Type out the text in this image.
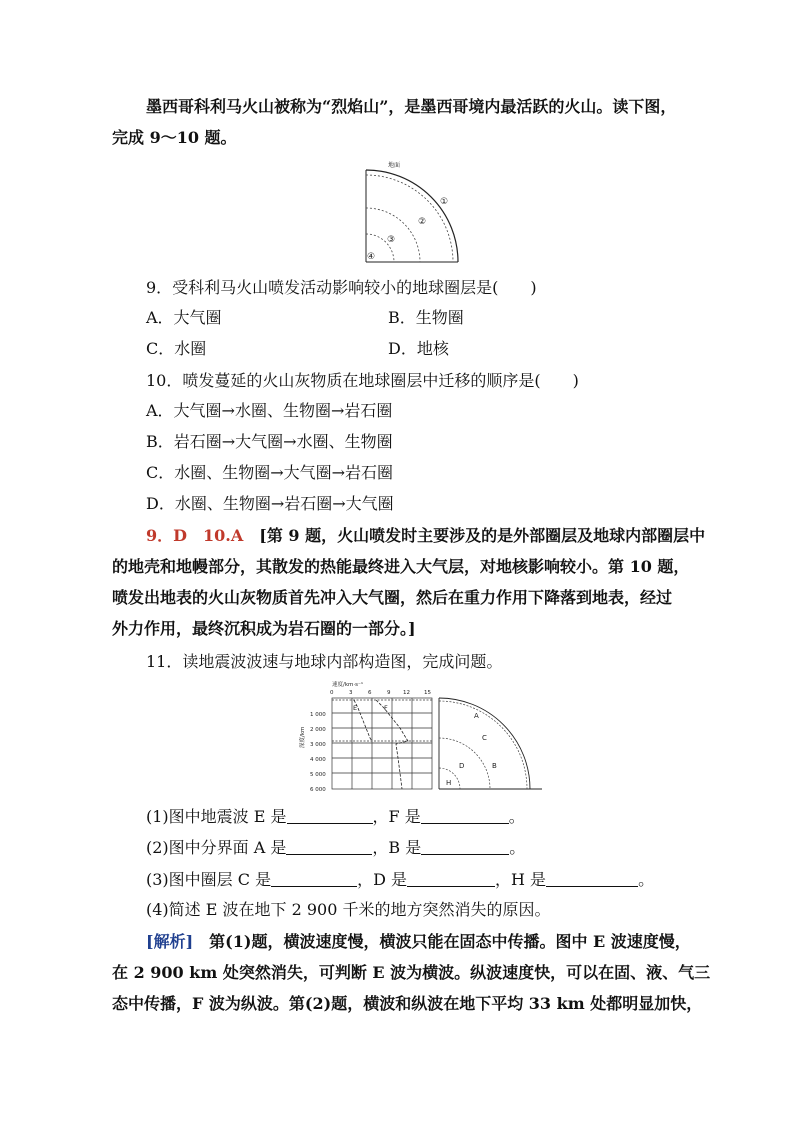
墨西哥科利马火山被称为“烈焰山”，是墨西哥境内最活跃的火山。读下图，
完成 9～10 题。
地面
①
②
③
④
9．受科利马火山喷发活动影响较小的地球圈层是(　　)
A．大气圈	B．生物圈
C．水圈	D．地核
10．喷发蔓延的火山灰物质在地球圈层中迁移的顺序是(　　)
A．大气圈→水圈、生物圈→岩石圈
B．岩石圈→大气圈→水圈、生物圈
C．水圈、生物圈→大气圈→岩石圈
D．水圈、生物圈→岩石圈→大气圈
9．D　10.A　 [第 9 题，火山喷发时主要涉及的是外部圈层及地球内部圈层中
的地壳和地幔部分，其散发的热能最终进入大气层，对地核影响较小。第 10 题，
喷发出地表的火山灰物质首先冲入大气圈，然后在重力作用下降落到地表，经过
外力作用，最终沉积成为岩石圈的一部分。]
11．读地震波波速与地球内部构造图，完成问题。
速度/km·s⁻¹
0	3	6	9 12	15
深度/km
1 000
2 000
3 000
4 000
5 000
6 000
E	F
A
C
B
D
H
(1)图中地震波 E 是	，F 是	。
(2)图中分界面 A 是	，B 是	。
(3)图中圈层 C 是	，D 是	，H 是	。
(4)简述 E 波在地下 2 900 千米的地方突然消失的原因。
[解析]　 第(1)题，横波速度慢，横波只能在固态中传播。图中 E 波速度慢，
在 2 900 km 处突然消失，可判断 E 波为横波。纵波速度快，可以在固、液、气三
态中传播，F 波为纵波。第(2)题，横波和纵波在地下平均 33 km 处都明显加快，
